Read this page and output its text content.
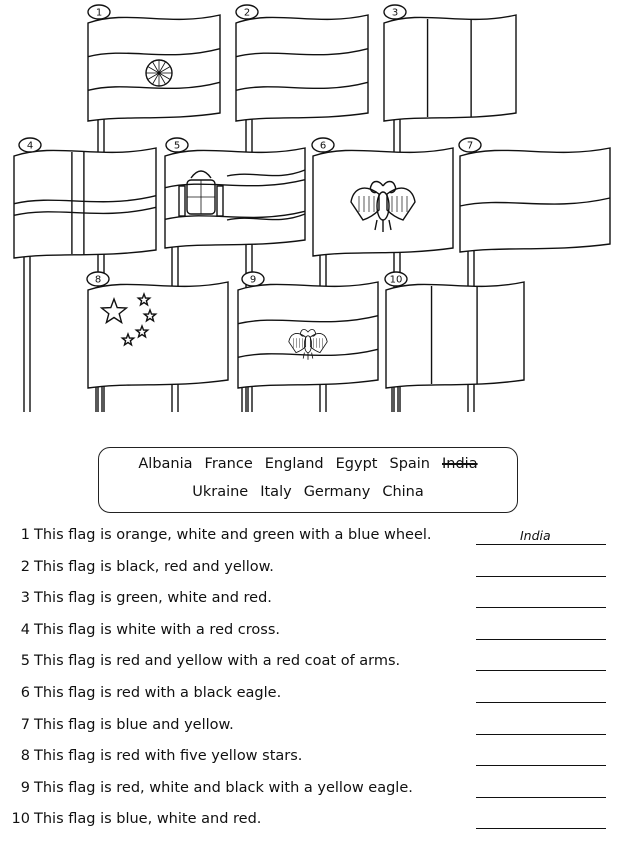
1	2	3
4	5	6	7
8	9	10
Albania France England Egypt Spain India
Ukraine Italy Germany China
1 This flag is orange, white and green with a blue wheel.	India
2 This flag is black, red and yellow.
3 This flag is green, white and red.
4 This flag is white with a red cross.
5 This flag is red and yellow with a red coat of arms.
6 This flag is red with a black eagle.
7 This flag is blue and yellow.
8 This flag is red with five yellow stars.
9 This flag is red, white and black with a yellow eagle.
10 This flag is blue, white and red.
